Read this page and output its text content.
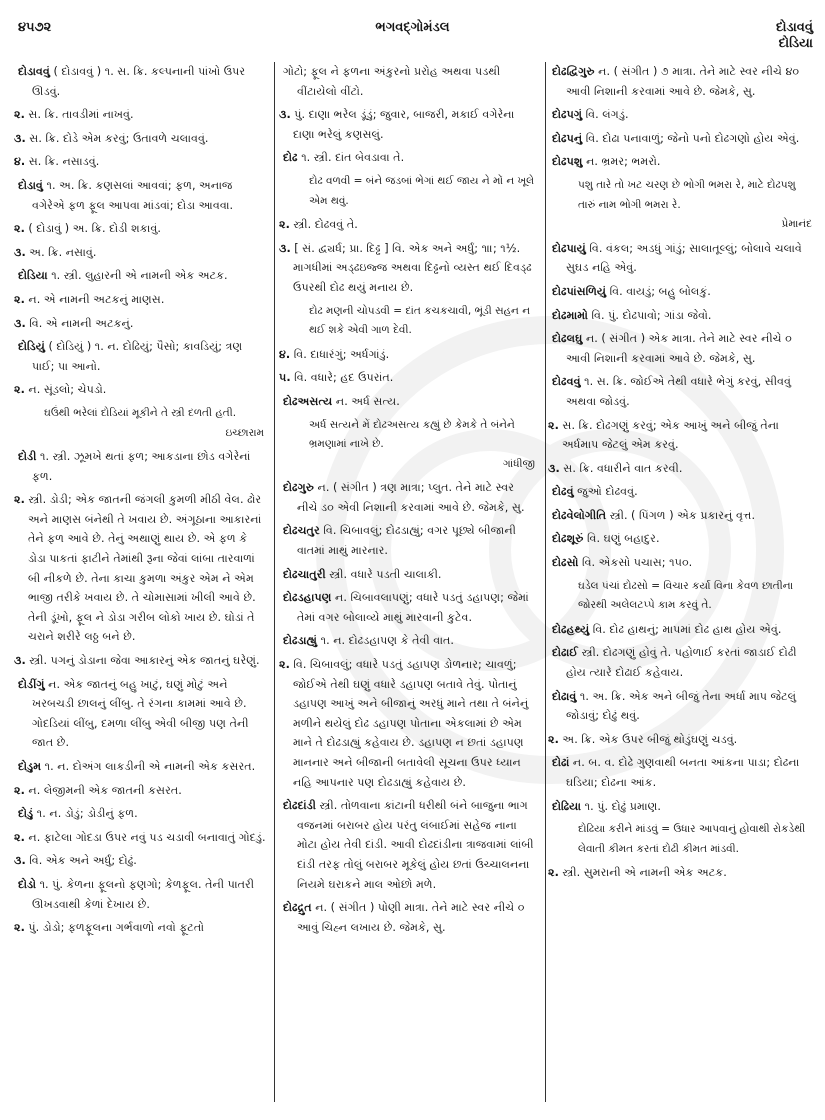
૪૫૭૨	ભગવદ્ગોમંડલ	દોડાવવું
દોડિયા
દોડાવવું ( દોડાવવું ) ૧. સ. ક્રિ. કલ્પનાની પાંખો ઉપર ઊડવું.
૨. સ. ક્રિ. તાવડીમાં નાખવું.
૩. સ. ક્રિ. દોડે એમ કરવું; ઉતાવળે ચલાવવું.
૪. સ. ક્રિ. નસાડવું.
દોડાવું ૧. અ. ક્રિ. કણસલાં આવવાં; ફળ, અનાજ વગેરેએ ફળ ફૂલ આપવા માંડવાં; દોડા આવવા.
૨. ( દોડાવું ) અ. ક્રિ. દોડી શકાવું.
૩. અ. ક્રિ. નસાવું.
દોડિયા ૧. સ્ત્રી. લુહારની એ નામની એક અટક.
૨. ન. એ નામની અટકનું માણસ.
૩. વિ. એ નામની અટકનું.
દોડિયું ( દોડિયું ) ૧. ન. દોઢિયું; પૈસો; કાવડિયું; ત્રણ પાઈ; પા આનો.
૨. ન. સૂંડલો; ચેપડો.
ઘઉંથી ભરેલાં દોડિયાં મૂકીને તે સ્ત્રી દળતી હતી.
ઇચ્છારામ
દોડી ૧. સ્ત્રી. ઝૂમખે થતાં ફળ; આકડાના છોડ વગેરેનાં ફળ.
૨. સ્ત્રી. ડોડી; એક જાતની જંગલી કુમળી મીઠી વેલ. ઢોર અને માણસ બંનેથી તે ખવાય છે. અંગૂઠાના આકારનાં તેને ફળ આવે છે. તેનું અથાણું થાય છે. એ ફળ કે ડોડા પાકતાં ફાટીને તેમાંથી રૂના જેવાં લાંબા તારવાળાં બી નીકળે છે. તેના કાચા કુમળા અંકુર એમ ને એમ ભાજી તરીકે ખવાય છે. તે ચોમાસામાં ખીલી આવે છે. તેની ડૂંખો, ફૂલ ને ડોડા ગરીબ લોકો ખાય છે. ઘોડાં તે ચરાને શરીરે લઠ્ઠ બને છે.
૩. સ્ત્રી. પગનું ડોડાના જેવા આકારનું એક જાતનું ઘરેણું.
દોડીંગું ન. એક જાતનું બહુ ખાટું, ઘણું મોટું અને ખરબચડી છાલનું લીંબુ. તે રંગના કામમાં આવે છે. ગોદડિયાં લીંબુ, દમળા લીંબુ એવી બીજી પણ તેની જાત છે.
દોડુમ ૧. ન. દોઅંગ લાકડીની એ નામની એક કસરત.
૨. ન. લેજીમની એક જાતની કસરત.
દોડું ૧. ન. ડોડું; ડોડીનું ફળ.
૨. ન. ફાટેલા ગોદડા ઉપર નવું પડ ચડાવી બનાવાતું ગોદડું.
૩. વિ. એક અને અર્ધું; દોઢું.
દોડો ૧. પું. કેળના ફૂલનો ફણગો; કેળફૂલ. તેની પાતરી ઊખડવાથી કેળાં દેખાય છે.
૨. પું. ડોડો; ફળફૂલના ગર્ભવાળો નવો ફૂટતો
ગોટો; ફૂલ ને ફળના અંકુરનો પ્રરોહ અથવા પડથી વીંટાયેલો વીંટો.
૩. પું. દાણા ભરેલ ડૂંડું; જુવાર, બાજરી, મકાઈ વગેરેના દાણા ભરેલું કણસલું.
દોઢ ૧. સ્ત્રી. દાંત બેવડાવા તે.
દોઢ વળવી = બંને જડબાં ભેગાં થઈ જાય ને મોં ન ખૂલે એમ થવું.
૨. સ્ત્રી. દોઢવવું તે.
૩. [ સં. દ્વ્યર્ધ; પ્રા. દિઢ્ઢ ] વિ. એક અને અર્ધું; ૧॥; ૧½. માગધીમાં અડ્ઢઇજ્જ અથવા દિઢ્ઢનો વ્યસ્ત થઈ દિવડ્ઢ ઉપરથી દોઢ થયું મનાય છે.
દોઢ મણની ચોપડવી = દાંત કચકચાવી, ભૂંડી સહન ન થઈ શકે એવી ગાળ દેવી.
૪. વિ. દાધારંગું; અર્ધગાંડું.
૫. વિ. વધારે; હદ ઉપરાંત.
દોઢઅસત્ય ન. અર્ધ સત્ય.
અર્ધ સત્યને મેં દોઢઅસત્ય કહ્યું છે કેમકે તે બંનેને ભ્રમણામાં નાખે છે.
ગાંધીજી
દોઢગુરુ ન. ( સંગીત ) ત્રણ માત્રા; પ્લુત. તેને માટે સ્વર નીચે ડ૦ એવી નિશાની કરવામાં આવે છે. જેમકે, સુ.
દોઢચતુર વિ. ચિબાવલું; દોઢડાહ્યું; વગર પૂછ્યે બીજાની વાતમાં માથું મારનાર.
દોઢચાતુરી સ્ત્રી. વધારે પડતી ચાલાકી.
દોઢડહાપણ ન. ચિબાવલાપણું; વધારે પડતું ડહાપણ; જેમાં તેમાં વગર બોલાવ્યે માથું મારવાની કુટેવ.
દોઢડાહ્યું ૧. ન. દોઢડહાપણ કે તેવી વાત.
૨. વિ. ચિબાવલું; વધારે પડતું ડહાપણ ડોળનાર; ચાવળું; જોઈએ તેથી ઘણું વધારે ડહાપણ બતાવે તેવું. પોતાનું ડહાપણ આખું અને બીજાનું અરધું માને તથા તે બંનેનું મળીને થયેલું દોઢ ડહાપણ પોતાના એકલામાં છે એમ માને તે દોઢડાહ્યું કહેવાય છે. ડહાપણ ન છતાં ડહાપણ માનનાર અને બીજાની બતાવેલી સૂચના ઉપર ધ્યાન નહિ આપનાર પણ દોઢડાહ્યું કહેવાય છે.
દોઢદાંડી સ્ત્રી. તોળવાના કાંટાની ધરીથી બંને બાજુના ભાગ વજનમાં બરાબર હોય પરંતુ લંબાઈમાં સહેજ નાના મોટા હોય તેવી દાંડી. આવી દોઢદાંડીના ત્રાજવામાં લાંબી દાંડી તરફ તોલું બરાબર મૂકેલું હોય છતાં ઉચ્ચાલનના નિયમે ઘરાકને માલ ઓછો મળે.
દોઢદ્રુત ન. ( સંગીત ) પોણી માત્રા. તેને માટે સ્વર નીચે ૦ આવું ચિહ્ન લખાય છે. જેમકે, સુ.
દોઢદ્વિગુરુ ન. ( સંગીત ) ૭ માત્રા. તેને માટે સ્વર નીચે ૪૦ આવી નિશાની કરવામાં આવે છે. જેમકે, સુ.
દોઢપગું વિ. લંગડું.
દોઢપનું વિ. દોઢા પનાવાળું; જેનો પનો દોઢગણો હોય એવું.
દોઢપશુ ન. ભ્રમર; ભમરો.
પશુ તારે તો ખટ ચરણ છે ભોગી ભમરા રે, માટે દોઢપશુ તારું નામ ભોગી ભમરા રે.
પ્રેમાનંદ
દોઢપાયું વિ. વંકલ; અડધું ગાંડું; સાલાતૂલ્લું; બોલાવે ચલાવે સુઘડ નહિ એવું.
દોઢપાંસળિયું વિ. વાયડું; બહુ બોલકું.
દોઢમામો વિ. પું. દોઢપાવો; ગાંડા જેવો.
દોઢલઘુ ન. ( સંગીત ) એક માત્રા. તેને માટે સ્વર નીચે ૦ આવી નિશાની કરવામાં આવે છે. જેમકે, સુ.
દોઢવવું ૧. સ. ક્રિ. જોઈએ તેથી વધારે ભેગું કરવું, સીવવું અથવા જોડવું.
૨. સ. ક્રિ. દોઢગણું કરવું; એક આખું અને બીજું તેના અર્ધમાપ જેટલું એમ કરવું.
૩. સ. ક્રિ. વધારીને વાત કરવી.
દોઢવું જુઓ દોઢવવું.
દોઢવેલોગીતિ સ્ત્રી. ( પિંગળ ) એક પ્રકારનું વૃત્ત.
દોઢશૂરું વિ. ઘણું બહાદુર.
દોઢસો વિ. એકસો પચાસ; ૧૫૦.
ઘડેલ પંચાં દોઢસો = વિચાર કર્યા વિના કેવળ છાતીના જોરથી અલેલટપ્પે કામ કરવું તે.
દોઢહથ્યું વિ. દોઢ હાથનું; માપમાં દોઢ હાથ હોય એવું.
દોઢાઈ સ્ત્રી. દોઢગણું હોવું તે. પહોળાઈ કરતાં જાડાઈ દોઢી હોય ત્યારે દોઢાઈ કહેવાય.
દોઢાવું ૧. અ. ક્રિ. એક અને બીજું તેના અર્ધા માપ જેટલું જોડાવું; દોઢું થવું.
૨. અ. ક્રિ. એક ઉપર બીજું થોડુંઘણું ચડવું.
દોઢાં ન. બ. વ. દોઢે ગુણવાથી બનતા આંકના પાડા; દોઢના ઘડિયા; દોઢના આંક.
દોઢિયા ૧. પું. દોઢું પ્રમાણ.
દોઢિયા કરીને માંડવું = ઉધાર આપવાનું હોવાથી રોકડેથી લેવાતી કીમત કરતાં દોઢી કીમત માંડવી.
૨. સ્ત્રી. સુમરાની એ નામની એક અટક.
